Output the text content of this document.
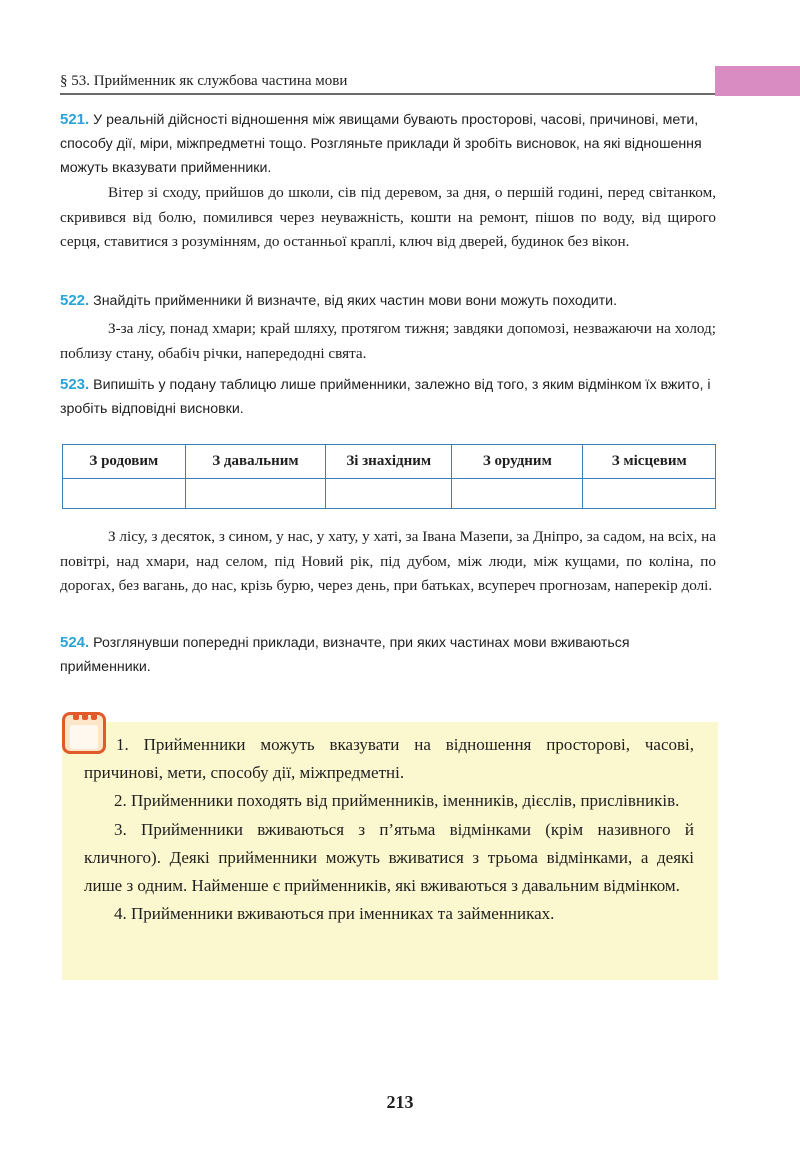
§ 53. Прийменник як службова частина мови
521. У реальній дійсності відношення між явищами бувають просторові, часові, причинові, мети, способу дії, міри, міжпредметні тощо. Розгляньте приклади й зробіть висновок, на які відношення можуть вказувати прийменники.
Вітер зі сходу, прийшов до школи, сів під деревом, за дня, о першій годині, перед світанком, скривився від болю, помилився через неуважність, кошти на ремонт, пішов по воду, від щирого серця, ставитися з розумінням, до останньої краплі, ключ від дверей, будинок без вікон.
522. Знайдіть прийменники й визначте, від яких частин мови вони можуть походити.
З-за лісу, понад хмари; край шляху, протягом тижня; завдяки допомозі, незважаючи на холод; поблизу стану, обабіч річки, напередодні свята.
523. Випишіть у подану таблицю лише прийменники, залежно від того, з яким відмінком їх вжито, і зробіть відповідні висновки.
З родовим	З давальним	Зі знахідним	З орудним	З місцевим

З лісу, з десяток, з сином, у нас, у хату, у хаті, за Івана Мазепи, за Дніпро, за садом, на всіх, на повітрі, над хмари, над селом, під Новий рік, під дубом, між люди, між кущами, по коліна, по дорогах, без вагань, до нас, крізь бурю, через день, при батьках, всупереч прогнозам, наперекір долі.
524. Розглянувши попередні приклади, визначте, при яких частинах мови вживаються прийменники.

1. Прийменники можуть вказувати на відношення просторові, часові, причинові, мети, способу дії, міжпредметні.

2. Прийменники походять від прийменників, іменників, дієслів, прислівників.

3. Прийменники вживаються з п’ятьма відмінками (крім називного й кличного). Деякі прийменники можуть вживатися з трьома відмінками, а деякі лише з одним. Найменше є прийменників, які вживаються з давальним відмінком.

4. Прийменники вживаються при іменниках та займенниках.

213
